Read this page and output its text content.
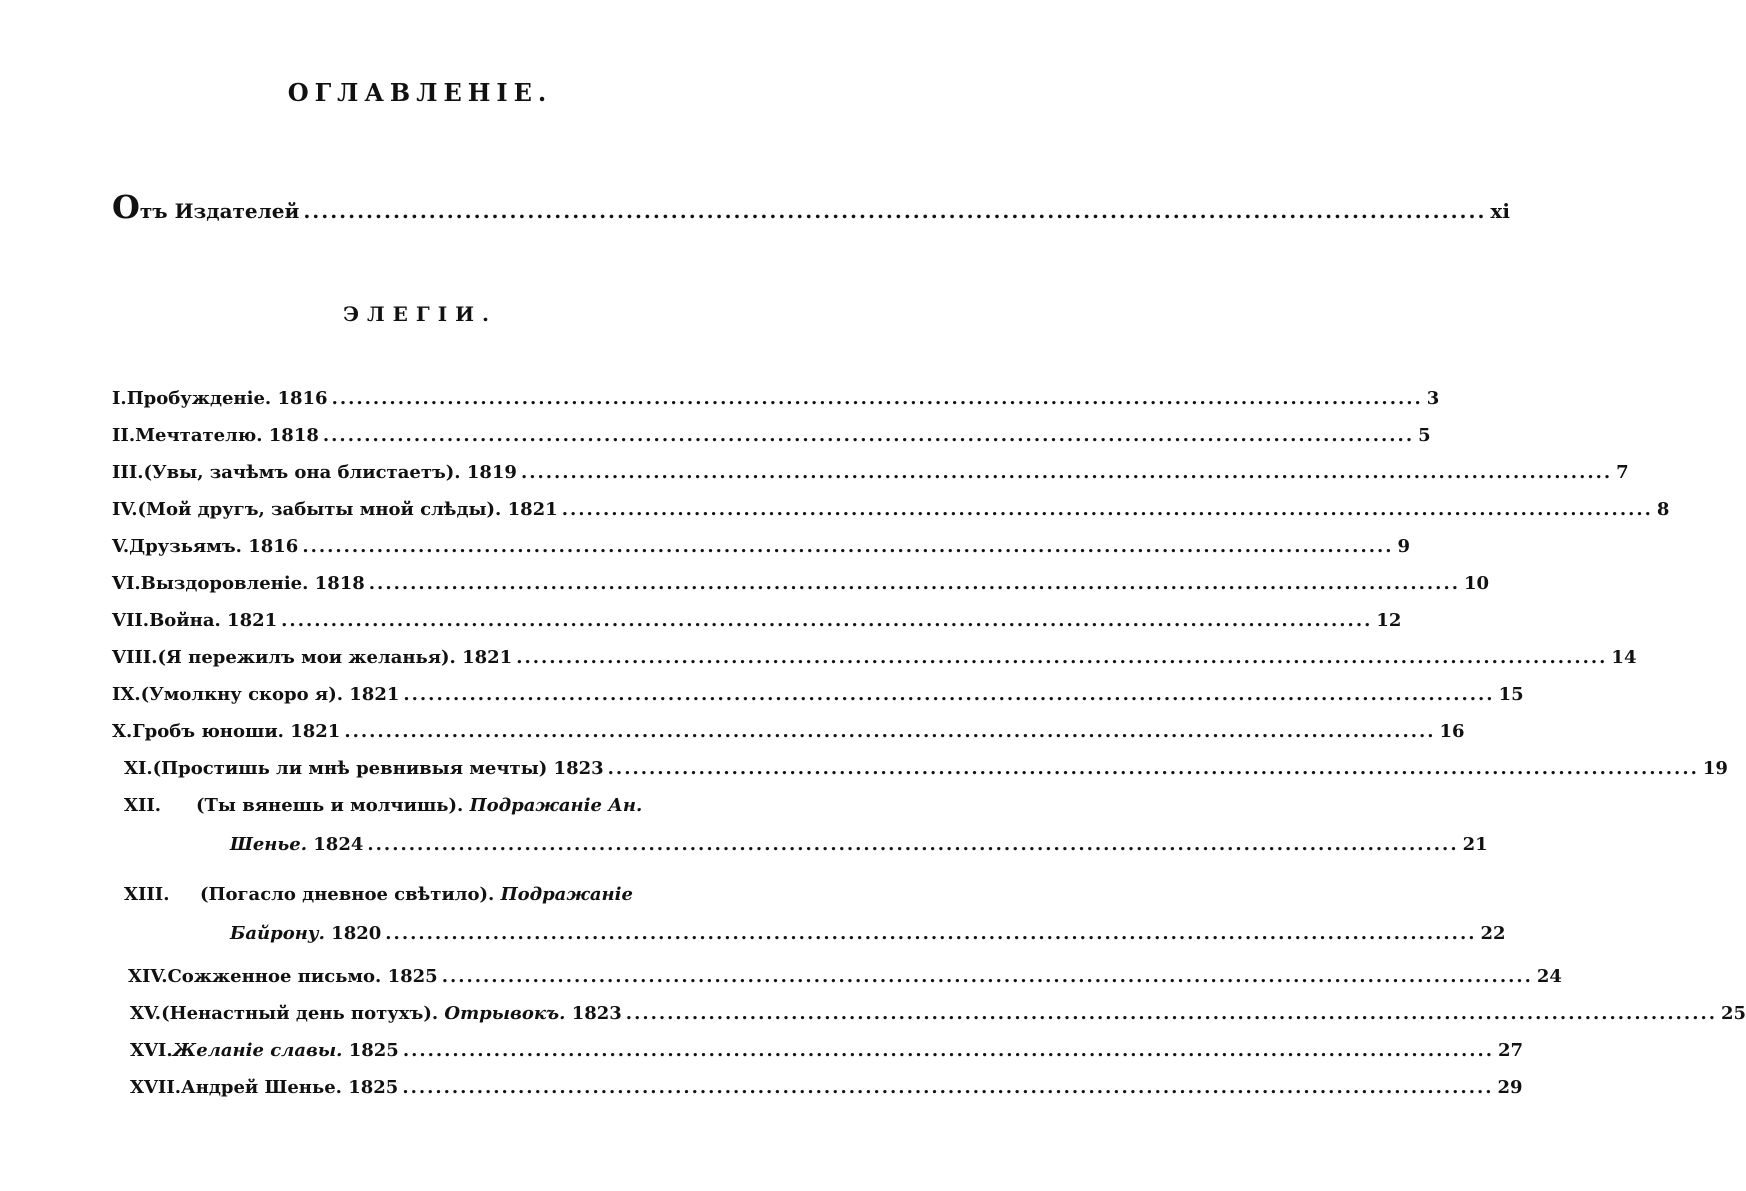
ОГЛАВЛЕНІЕ.
О тъ Издателей .................................................................................................................................... xi
ЭЛЕГІИ.
I. Пробужденіе.
1816 .................................................................................................................................... 3
II. Мечтателю.
1818 .................................................................................................................................... 5
III. (Увы, зачѣмъ она блистаетъ).
1819 .................................................................................................................................... 7
IV. (Мой другъ, забыты мной слѣды).
1821 .................................................................................................................................... 8
V. Друзьямъ.
1816 .................................................................................................................................... 9
VI. Выздоровленіе.
1818 .................................................................................................................................... 10
VII. Война.
1821 .................................................................................................................................... 12
VIII. (Я пережилъ мои желанья).
1821 .................................................................................................................................... 14
IX. (Умолкну скоро я).
1821 .................................................................................................................................... 15
X. Гробъ юноши.
1821 .................................................................................................................................... 16
XI. (Простишь ли мнѣ ревнивыя мечты)
1823 .................................................................................................................................... 19
XII.	(Ты вянешь и молчишь).
Подражаніе Ан.
Шенье.
1824 .................................................................................................................................... 21
XIII.	(Погасло дневное свѣтило).
Подражаніе
Байрону.
1820 .................................................................................................................................... 22
XIV. Сожженное письмо.
1825 .................................................................................................................................... 24
XV. (Ненастный день потухъ).
Отрывокъ.
1823 .................................................................................................................................... 25
XVI. Желаніе славы.
1825 .................................................................................................................................... 27
XVII. Андрей Шенье.
1825 .................................................................................................................................... 29
